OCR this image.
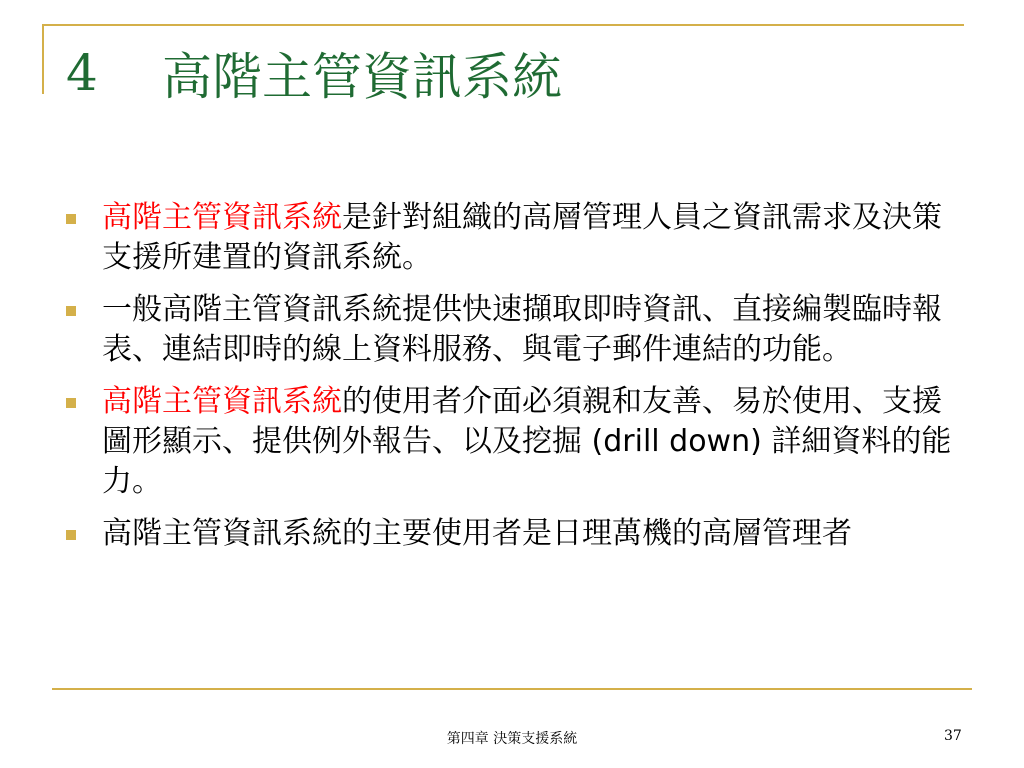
4	高階主管資訊系統
高階主管資訊系統是針對組織的高層管理人員之資訊需求及決策支援所建置的資訊系統。
一般高階主管資訊系統提供快速擷取即時資訊、直接編製臨時報表、連結即時的線上資料服務、與電子郵件連結的功能。
高階主管資訊系統的使用者介面必須親和友善、易於使用、支援圖形顯示、提供例外報告、以及挖掘 (drill down) 詳細資料的能力。
高階主管資訊系統的主要使用者是日理萬機的高層管理者
第四章 決策支援系統	37
